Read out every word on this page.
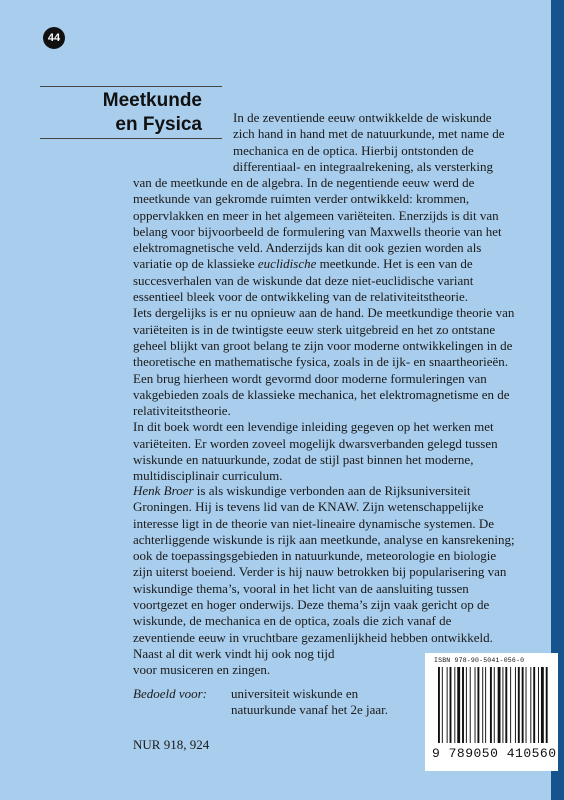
44
Meetkunde
en Fysica In de zeventiende eeuw ontwikkelde de wiskunde
zich hand in hand met de natuurkunde, met name de
mechanica en de optica. Hierbij ontstonden de
differentiaal- en integraalrekening, als versterking
van de meetkunde en de algebra. In de negentiende eeuw werd de
meetkunde van gekromde ruimten verder ontwikkeld: krommen,
oppervlakken en meer in het algemeen variëteiten. Enerzijds is dit van
belang voor bijvoorbeeld de formulering van Maxwells theorie van het
elektromagnetische veld. Anderzijds kan dit ook gezien worden als
variatie op de klassieke euclidische meetkunde. Het is een van de
succesverhalen van de wiskunde dat deze niet-euclidische variant
essentieel bleek voor de ontwikkeling van de relativiteitstheorie.
Iets dergelijks is er nu opnieuw aan de hand. De meetkundige theorie van
variëteiten is in de twintigste eeuw sterk uitgebreid en het zo ontstane
geheel blijkt van groot belang te zijn voor moderne ontwikkelingen in de
theoretische en mathematische fysica, zoals in de ijk- en snaartheorieën.
Een brug hierheen wordt gevormd door moderne formuleringen van
vakgebieden zoals de klassieke mechanica, het elektromagnetisme en de
relativiteitstheorie.
In dit boek wordt een levendige inleiding gegeven op het werken met
variëteiten. Er worden zoveel mogelijk dwarsverbanden gelegd tussen
wiskunde en natuurkunde, zodat de stijl past binnen het moderne,
multidisciplinair curriculum.
Henk Broer is als wiskundige verbonden aan de Rijksuniversiteit
Groningen. Hij is tevens lid van de KNAW. Zijn wetenschappelijke
interesse ligt in de theorie van niet-lineaire dynamische systemen. De
achterliggende wiskunde is rijk aan meetkunde, analyse en kansrekening;
ook de toepassingsgebieden in natuurkunde, meteorologie en biologie
zijn uiterst boeiend. Verder is hij nauw betrokken bij popularisering van
wiskundige thema’s, vooral in het licht van de aansluiting tussen
voortgezet en hoger onderwijs. Deze thema’s zijn vaak gericht op de
wiskunde, de mechanica en de optica, zoals die zich vanaf de
zeventiende eeuw in vruchtbare gezamenlijkheid hebben ontwikkeld.
Naast al dit werk vindt hij ook nog tijd
voor musiceren en zingen.
Bedoeld voor: universiteit wiskunde en
natuurkunde vanaf het 2e jaar.
NUR 918, 924
ISBN 978-90-5041-056-0
9 789050 410560
